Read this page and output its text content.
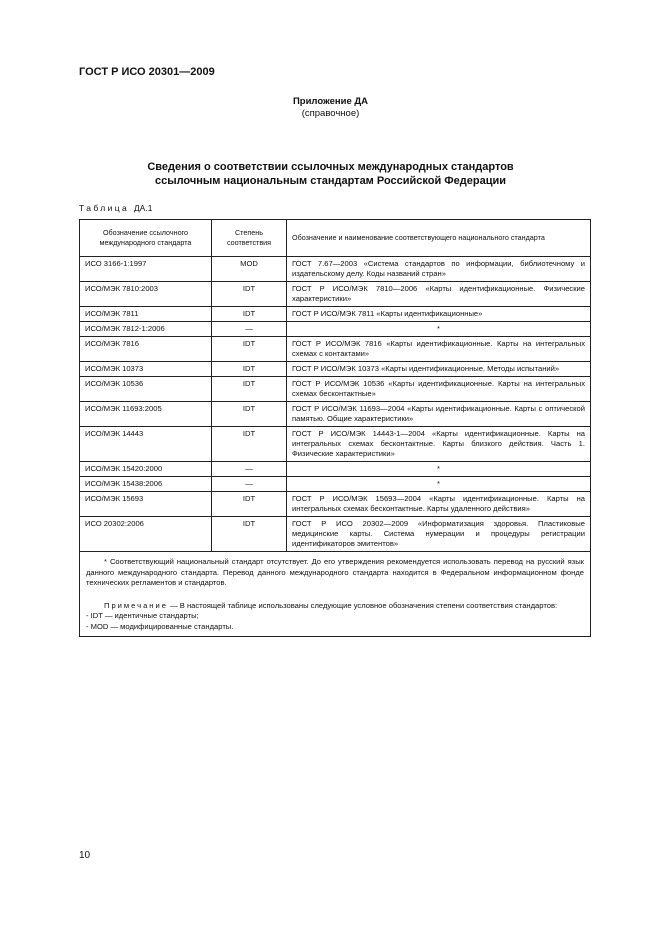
ГОСТ Р ИСО 20301—2009
Приложение ДА
(справочное)
Сведения о соответствии ссылочных международных стандартов
ссылочным национальным стандартам Российской Федерации
Таблица ДА.1
Обозначение ссылочного международного стандарта	Степень соответствия	Обозначение и наименование соответствующего национального стандарта
ИСО 3166-1:1997	MOD	ГОСТ 7.67—2003 «Система стандартов по информации, библиотечному и издательскому делу. Коды названий стран»
ИСО/МЭК 7810:2003	IDT	ГОСТ Р ИСО/МЭК 7810—2006 «Карты идентификационные. Физические характеристики»
ИСО/МЭК 7811	IDT	ГОСТ Р ИСО/МЭК 7811 «Карты идентификационные»
ИСО/МЭК 7812-1:2006	—	*
ИСО/МЭК 7816	IDT	ГОСТ Р ИСО/МЭК 7816 «Карты идентификационные. Карты на интегральных схемах с контактами»
ИСО/МЭК 10373	IDT	ГОСТ Р ИСО/МЭК 10373 «Карты идентификационные. Методы испытаний»
ИСО/МЭК 10536	IDT	ГОСТ Р ИСО/МЭК 10536 «Карты идентификационные. Карты на интегральных схемах бесконтактные»
ИСО/МЭК 11693:2005	IDT	ГОСТ Р ИСО/МЭК 11693—2004 «Карты идентификационные. Карты с оптической памятью. Общие характеристики»
ИСО/МЭК 14443	IDT	ГОСТ Р ИСО/МЭК 14443-1—2004 «Карты идентификационные. Карты на интегральных схемах бесконтактные. Карты близкого действия. Часть 1. Физические характеристики»
ИСО/МЭК 15420:2000	—	*
ИСО/МЭК 15438:2006	—	*
ИСО/МЭК 15693	IDT	ГОСТ Р ИСО/МЭК 15693—2004 «Карты идентификационные. Карты на интегральных схемах бесконтактные. Карты удаленного действия»
ИСО 20302:2006	IDT	ГОСТ Р ИСО 20302—2009 «Информатизация здоровья. Пластиковые медицинские карты. Система нумерации и процедуры регистрации идентификаторов эмитентов»

* Соответствующий национальный стандарт отсутствует. До его утверждения рекомендуется использовать перевод на русский язык данного международного стандарта. Перевод данного международного стандарта находится в Федеральном информационном фонде технических регламентов и стандартов.

Примечание — В настоящей таблице использованы следующие условное обозначения степени соответствия стандартов:

- IDT — идентичные стандарты;

- MOD — модифицированные стандарты.		

10
